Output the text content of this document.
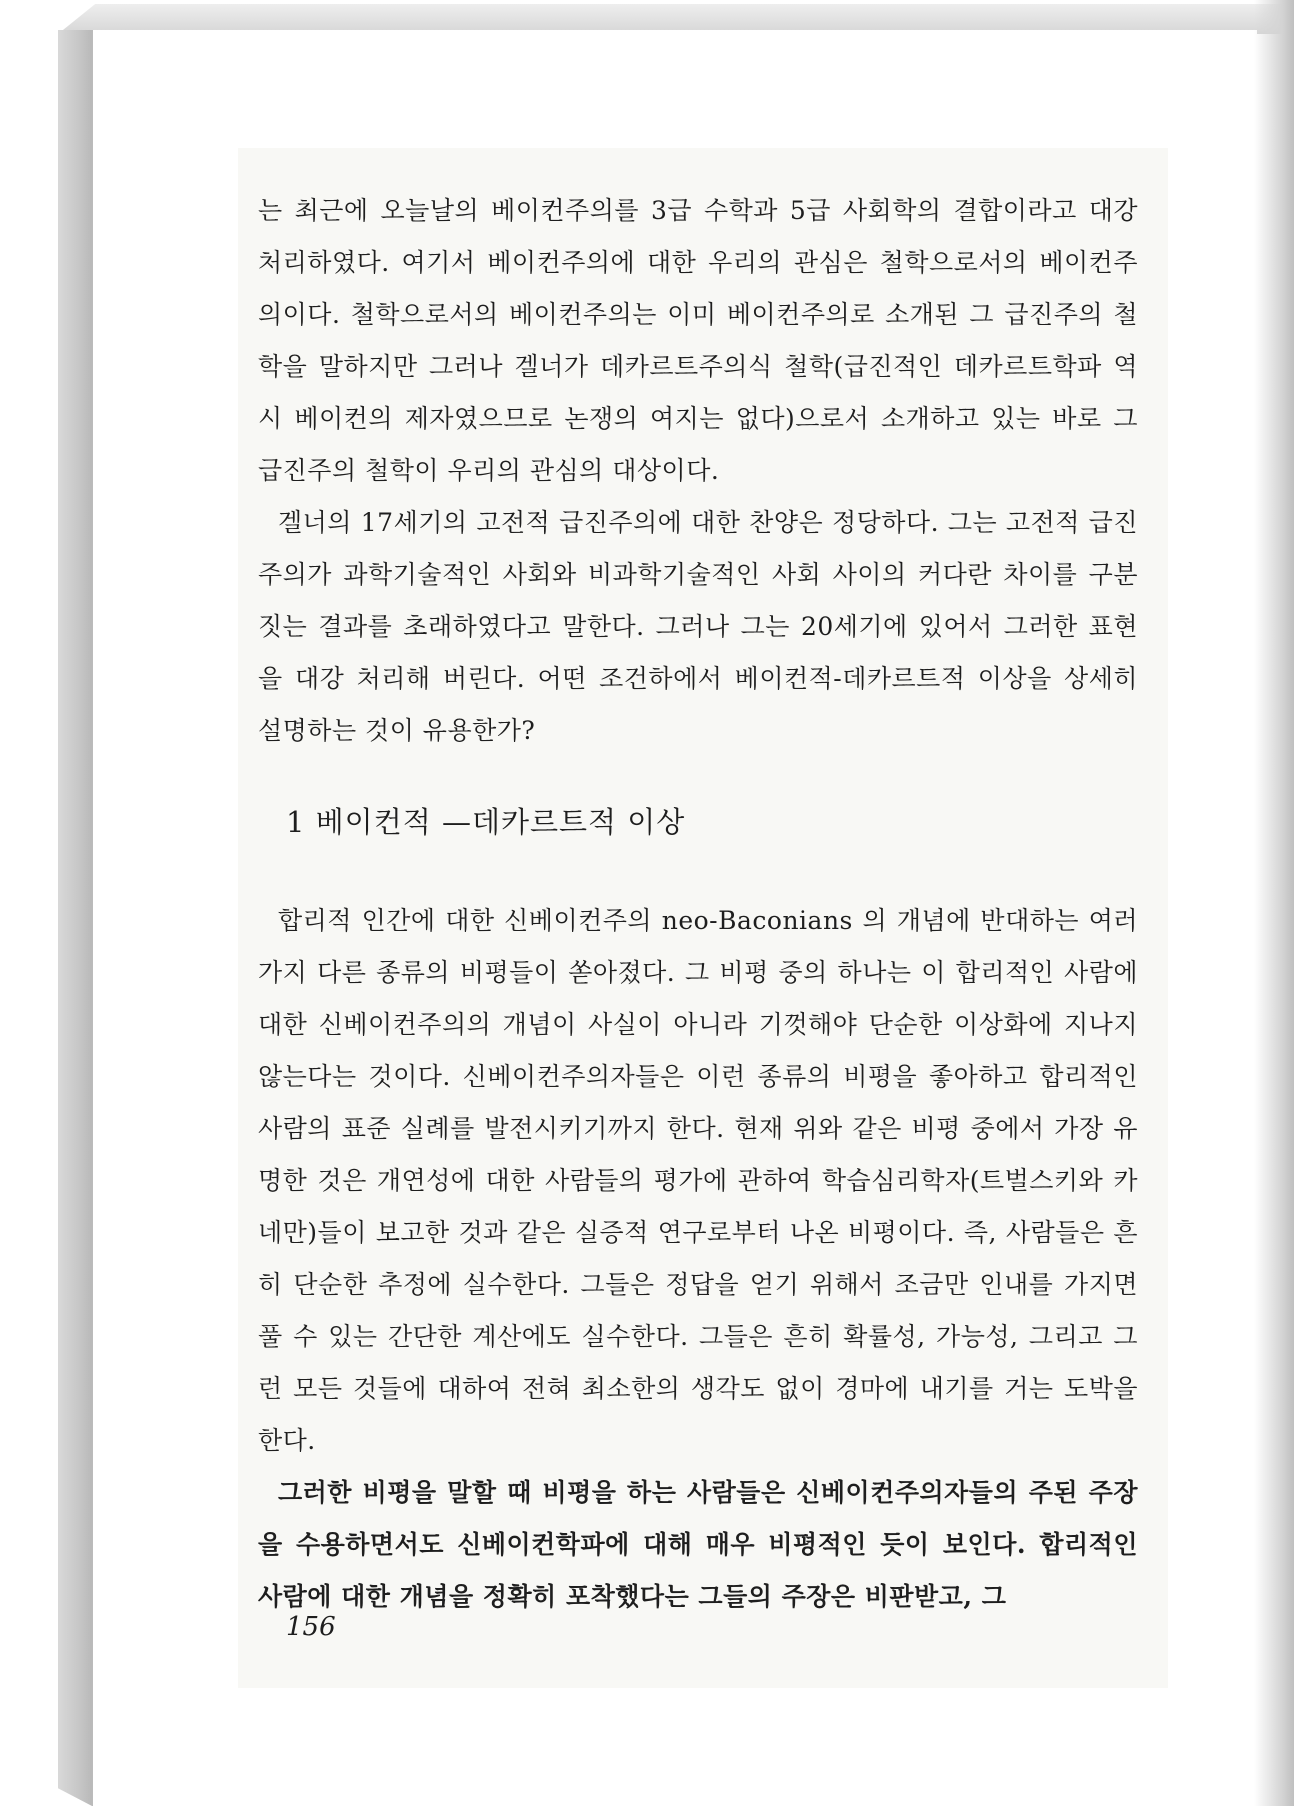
는 최근에 오늘날의 베이컨주의를 3급 수학과 5급 사회학의 결합이라고 대강 처리하였다. 여기서 베이컨주의에 대한 우리의 관심은 철학으로서의 베이컨주의이다. 철학으로서의 베이컨주의는 이미 베이컨주의로 소개된 그 급진주의 철학을 말하지만 그러나 겔너가 데카르트주의식 철학(급진적인 데카르트학파 역시 베이컨의 제자였으므로 논쟁의 여지는 없다)으로서 소개하고 있는 바로 그 급진주의 철학이 우리의 관심의 대상이다.

겔너의 17세기의 고전적 급진주의에 대한 찬양은 정당하다. 그는 고전적 급진주의가 과학기술적인 사회와 비과학기술적인 사회 사이의 커다란 차이를 구분짓는 결과를 초래하였다고 말한다. 그러나 그는 20세기에 있어서 그러한 표현을 대강 처리해 버린다. 어떤 조건하에서 베이컨적-데카르트적 이상을 상세히 설명하는 것이 유용한가?

1 베이컨적 —데카르트적 이상

합리적 인간에 대한 신베이컨주의 neo-Baconians 의 개념에 반대하는 여러가지 다른 종류의 비평들이 쏟아졌다. 그 비평 중의 하나는 이 합리적인 사람에 대한 신베이컨주의의 개념이 사실이 아니라 기껏해야 단순한 이상화에 지나지 않는다는 것이다. 신베이컨주의자들은 이런 종류의 비평을 좋아하고 합리적인 사람의 표준 실례를 발전시키기까지 한다. 현재 위와 같은 비평 중에서 가장 유명한 것은 개연성에 대한 사람들의 평가에 관하여 학습심리학자(트벌스키와 카네만)들이 보고한 것과 같은 실증적 연구로부터 나온 비평이다. 즉, 사람들은 흔히 단순한 추정에 실수한다. 그들은 정답을 얻기 위해서 조금만 인내를 가지면 풀 수 있는 간단한 계산에도 실수한다. 그들은 흔히 확률성, 가능성, 그리고 그런 모든 것들에 대하여 전혀 최소한의 생각도 없이 경마에 내기를 거는 도박을 한다.

그러한 비평을 말할 때 비평을 하는 사람들은 신베이컨주의자들의 주된 주장을 수용하면서도 신베이컨학파에 대해 매우 비평적인 듯이 보인다. 합리적인 사람에 대한 개념을 정확히 포착했다는 그들의 주장은 비판받고, 그

156
